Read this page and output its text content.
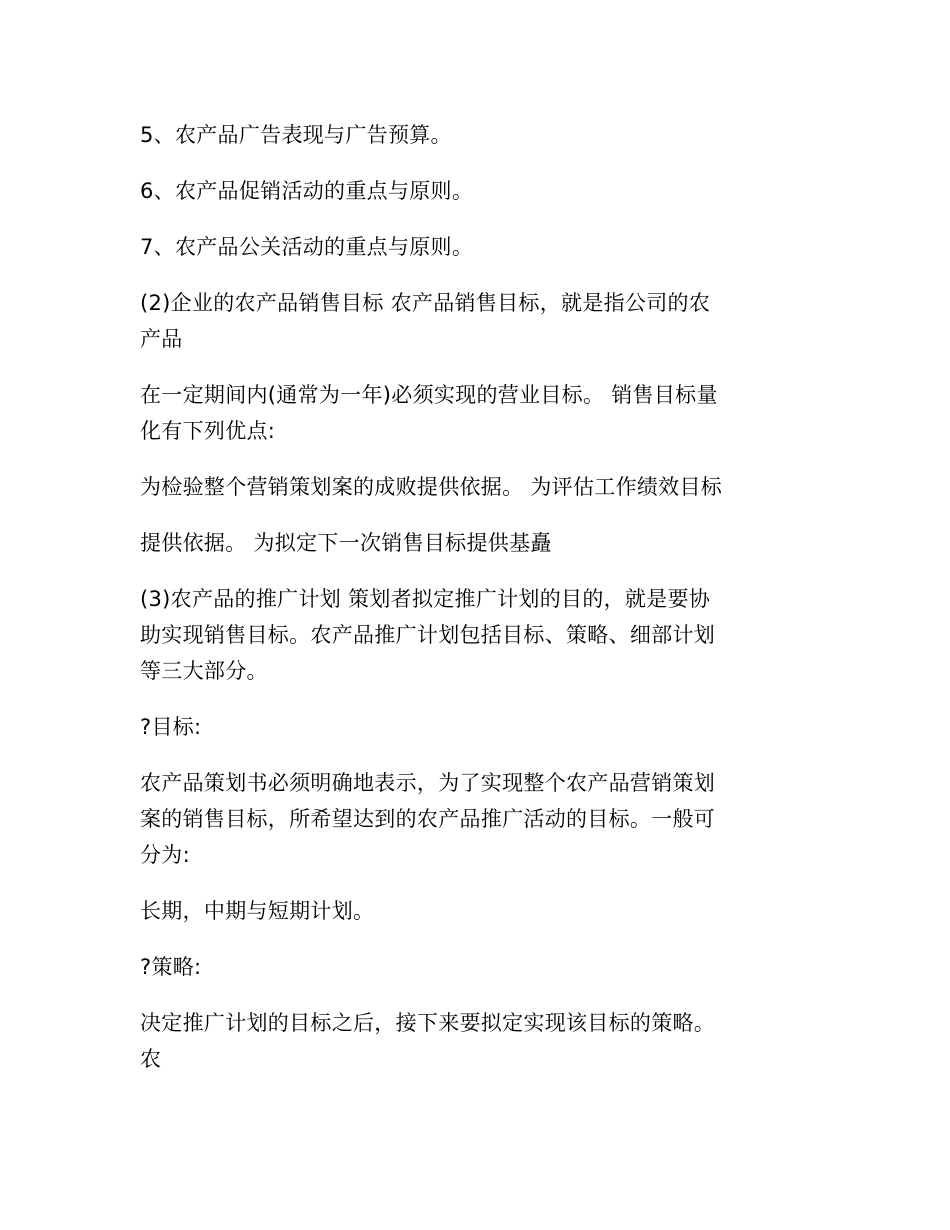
5、农产品广告表现与广告预算。

6、农产品促销活动的重点与原则。

7、农产品公关活动的重点与原则。

(2)企业的农产品销售目标 农产品销售目标，就是指公司的农
产品

在一定期间内(通常为一年)必须实现的营业目标。 销售目标量
化有下列优点:

为检验整个营销策划案的成败提供依据。 为评估工作绩效目标

提供依据。 为拟定下一次销售目标提供基矗

(3)农产品的推广计划 策划者拟定推广计划的目的，就是要协
助实现销售目标。农产品推广计划包括目标、策略、细部计划
等三大部分。

?目标:

农产品策划书必须明确地表示，为了实现整个农产品营销策划
案的销售目标，所希望达到的农产品推广活动的目标。一般可
分为:

长期，中期与短期计划。

?策略:

决定推广计划的目标之后，接下来要拟定实现该目标的策略。
农
